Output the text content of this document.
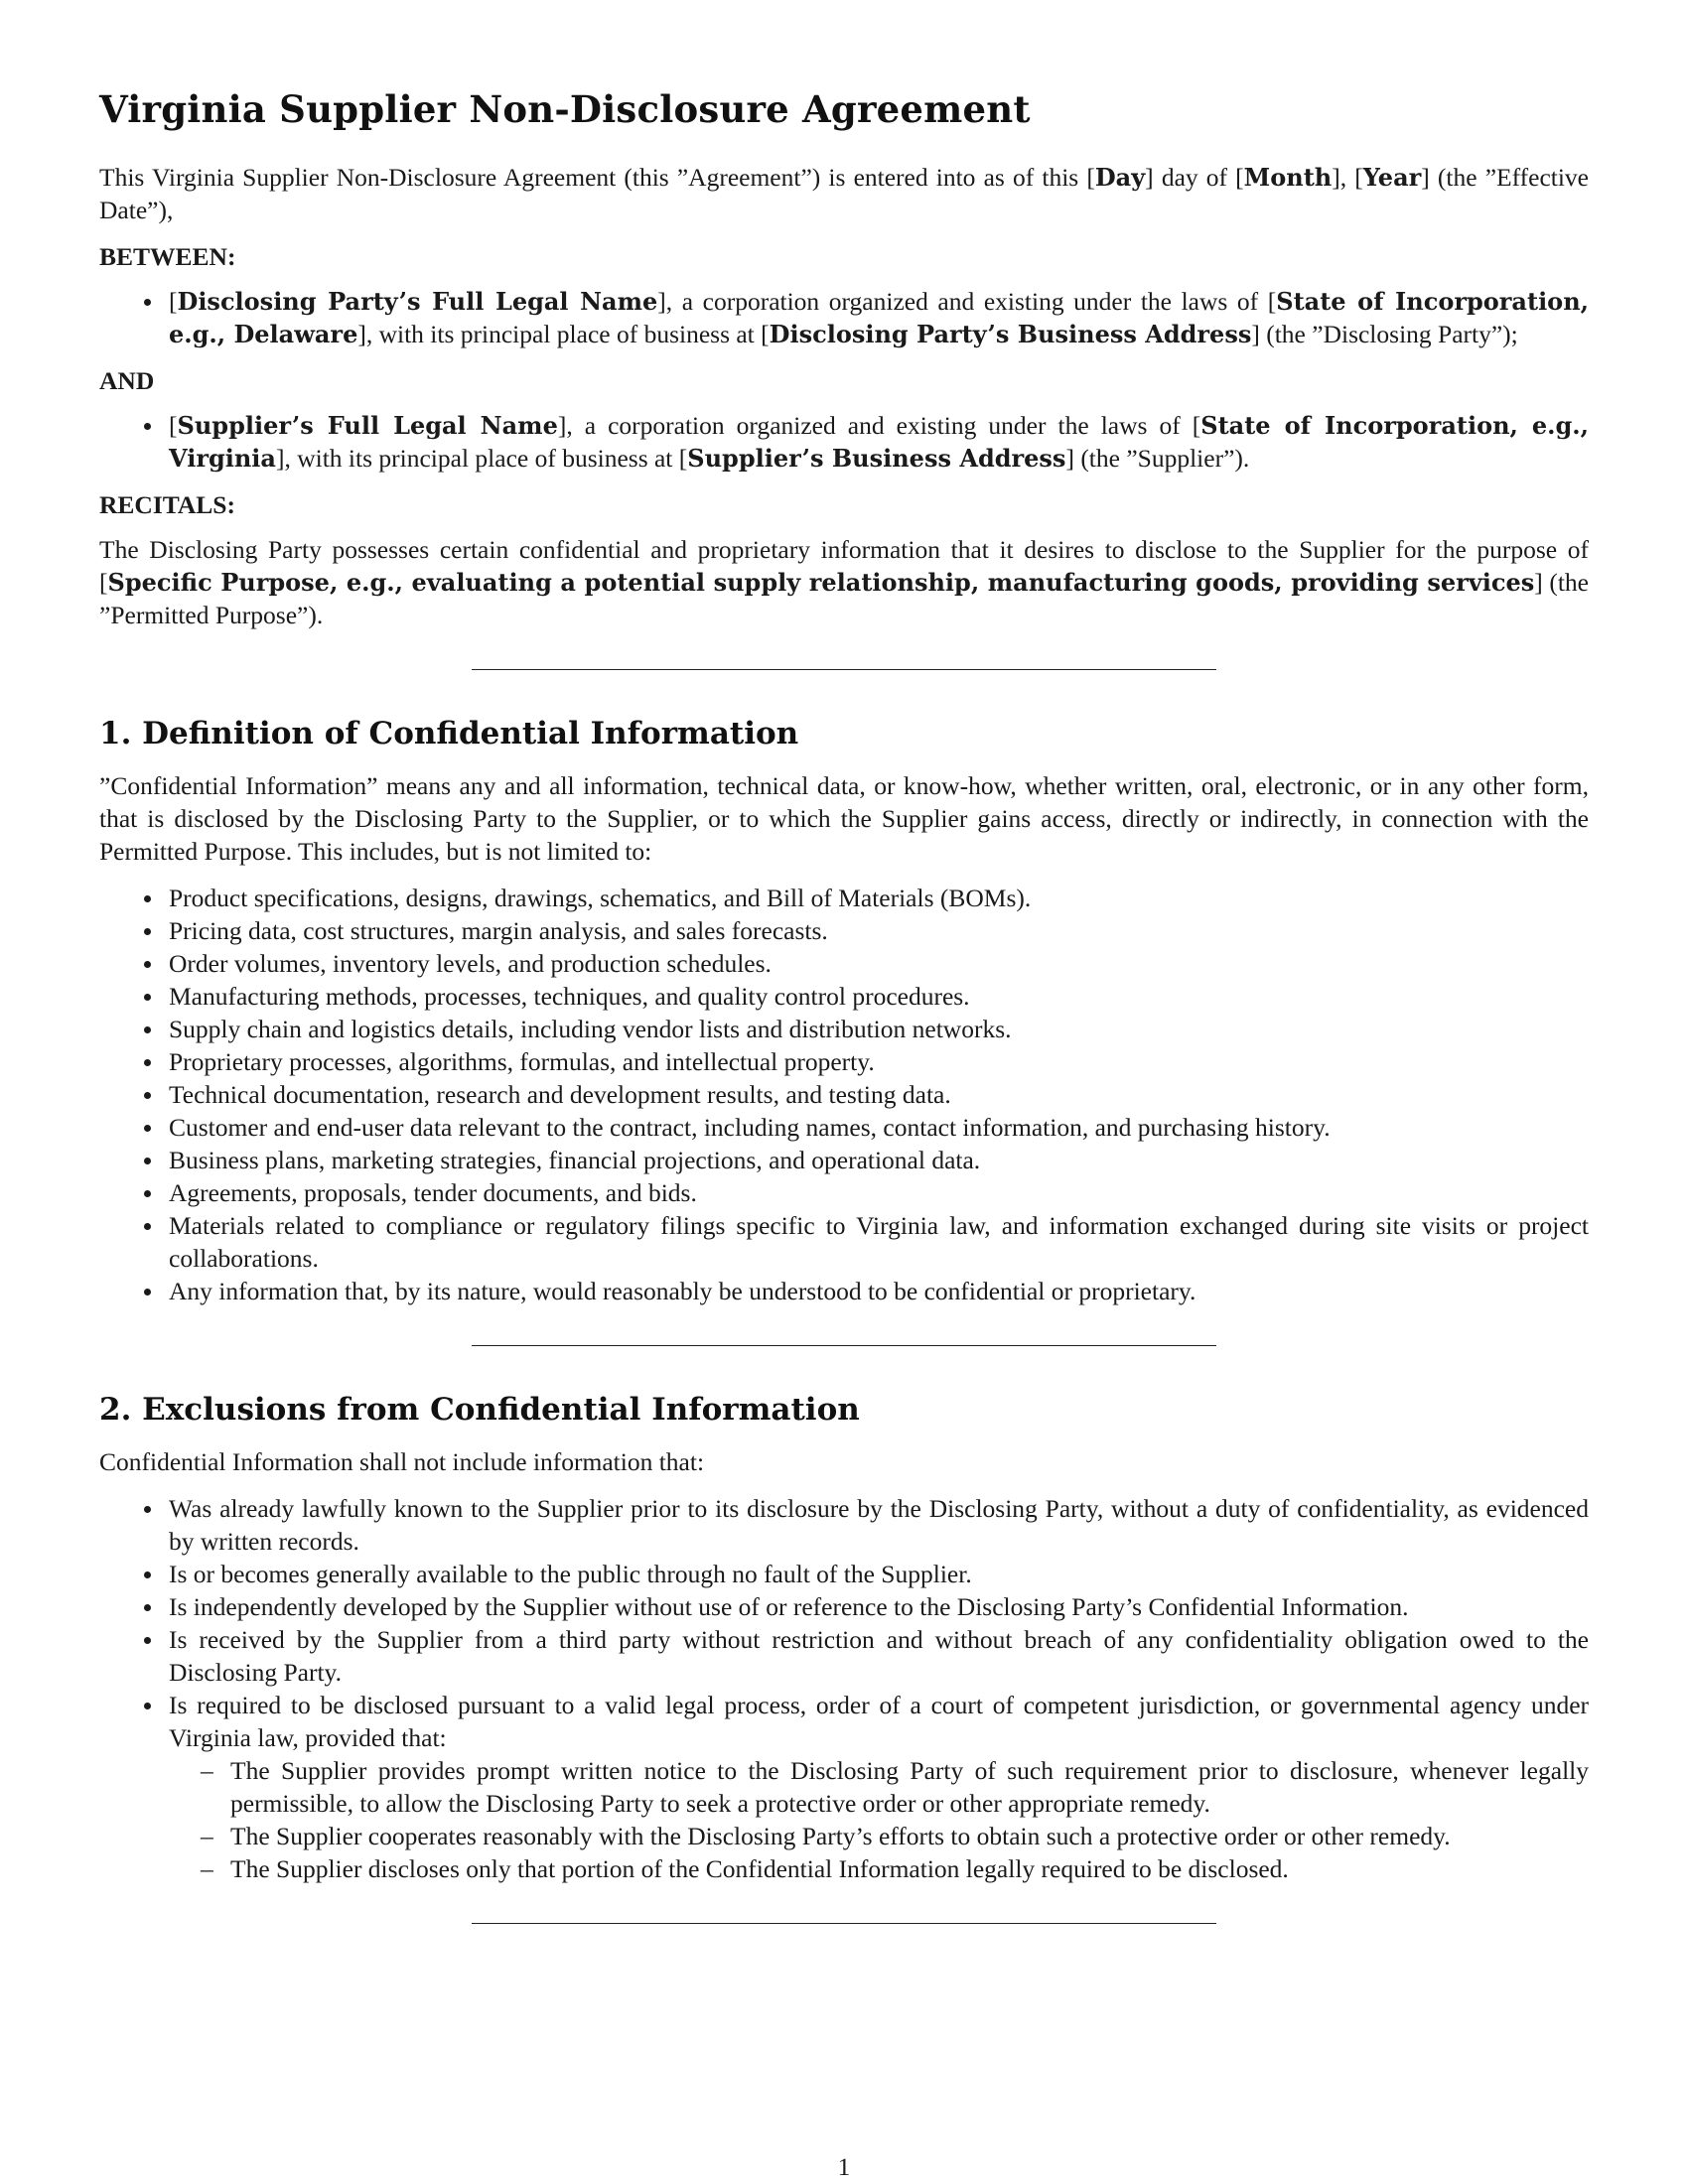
Virginia Supplier Non-Disclosure Agreement

This Virginia Supplier Non-Disclosure Agreement (this ”Agreement”) is entered into as of this [Day] day of [Month], [Year] (the ”Effective Date”),

BETWEEN:
[Disclosing Party’s Full Legal Name], a corporation organized and existing under the laws of [State of Incorporation, e.g., Delaware], with its principal place of business at [Disclosing Party’s Business Address] (the ”Disclosing Party”);
AND
[Supplier’s Full Legal Name], a corporation organized and existing under the laws of [State of Incorporation, e.g., Virginia], with its principal place of business at [Supplier’s Business Address] (the ”Supplier”).
RECITALS:

The Disclosing Party possesses certain confidential and proprietary information that it desires to disclose to the Supplier for the purpose of [Specific Purpose, e.g., evaluating a potential supply relationship, manufacturing goods, providing services] (the ”Permitted Purpose”).

1. Definition of Confidential Information

”Confidential Information” means any and all information, technical data, or know-how, whether written, oral, electronic, or in any other form, that is disclosed by the Disclosing Party to the Supplier, or to which the Supplier gains access, directly or indirectly, in connection with the Permitted Purpose. This includes, but is not limited to:

Product specifications, designs, drawings, schematics, and Bill of Materials (BOMs).
Pricing data, cost structures, margin analysis, and sales forecasts.
Order volumes, inventory levels, and production schedules.
Manufacturing methods, processes, techniques, and quality control procedures.
Supply chain and logistics details, including vendor lists and distribution networks.
Proprietary processes, algorithms, formulas, and intellectual property.
Technical documentation, research and development results, and testing data.
Customer and end-user data relevant to the contract, including names, contact information, and purchasing history.
Business plans, marketing strategies, financial projections, and operational data.
Agreements, proposals, tender documents, and bids.
Materials related to compliance or regulatory filings specific to Virginia law, and information exchanged during site visits or project collaborations.
Any information that, by its nature, would reasonably be understood to be confidential or proprietary.
2. Exclusions from Confidential Information

Confidential Information shall not include information that:

Was already lawfully known to the Supplier prior to its disclosure by the Disclosing Party, without a duty of confidentiality, as evidenced by written records.
Is or becomes generally available to the public through no fault of the Supplier.
Is independently developed by the Supplier without use of or reference to the Disclosing Party’s Confidential Information.
Is received by the Supplier from a third party without restriction and without breach of any confidentiality obligation owed to the Disclosing Party.
Is required to be disclosed pursuant to a valid legal process, order of a court of competent jurisdiction, or governmental agency under Virginia law, provided that:
– The Supplier provides prompt written notice to the Disclosing Party of such requirement prior to disclosure, whenever legally permissible, to allow the Disclosing Party to seek a protective order or other appropriate remedy.
– The Supplier cooperates reasonably with the Disclosing Party’s efforts to obtain such a protective order or other remedy.
– The Supplier discloses only that portion of the Confidential Information legally required to be disclosed.
1
